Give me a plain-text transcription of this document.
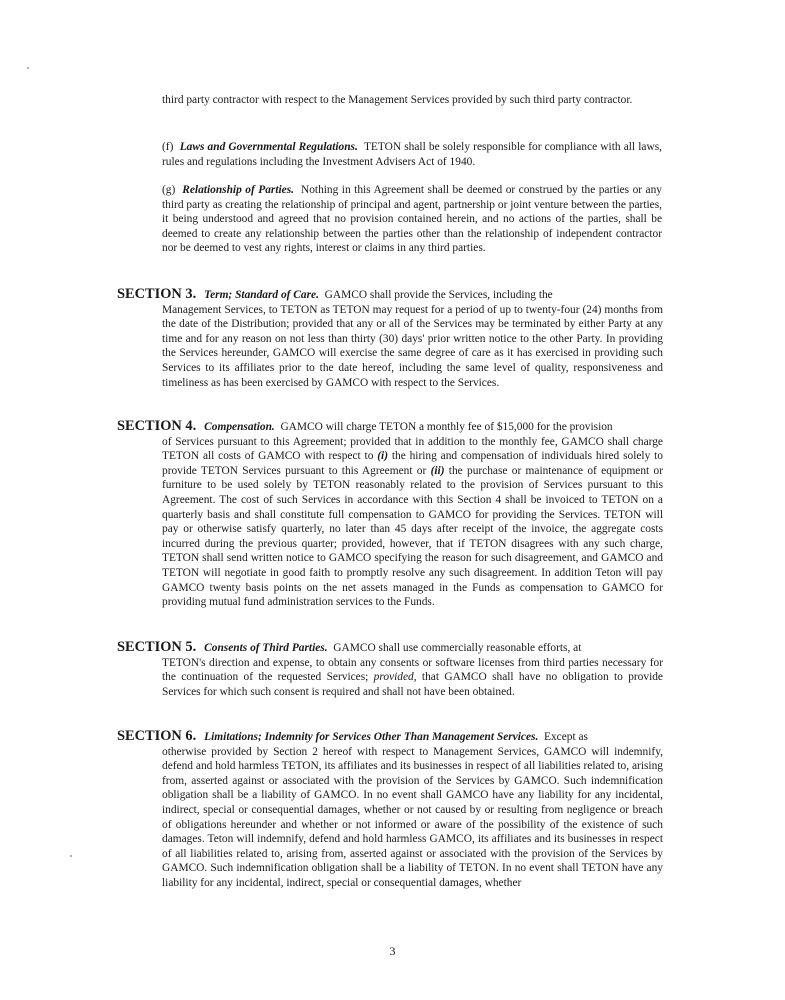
third party contractor with respect to the Management Services provided by such third party contractor.
(f) Laws and Governmental Regulations. TETON shall be solely responsible for compliance with all laws, rules and regulations including the Investment Advisers Act of 1940.
(g) Relationship of Parties. Nothing in this Agreement shall be deemed or construed by the parties or any third party as creating the relationship of principal and agent, partnership or joint venture between the parties, it being understood and agreed that no provision contained herein, and no actions of the parties, shall be deemed to create any relationship between the parties other than the relationship of independent contractor nor be deemed to vest any rights, interest or claims in any third parties.
SECTION 3. Term; Standard of Care. GAMCO shall provide the Services, including the
Management Services, to TETON as TETON may request for a period of up to twenty-four (24) months from the date of the Distribution; provided that any or all of the Services may be terminated by either Party at any time and for any reason on not less than thirty (30) days' prior written notice to the other Party. In providing the Services hereunder, GAMCO will exercise the same degree of care as it has exercised in providing such Services to its affiliates prior to the date hereof, including the same level of quality, responsiveness and timeliness as has been exercised by GAMCO with respect to the Services.
SECTION 4. Compensation. GAMCO will charge TETON a monthly fee of $15,000 for the provision
of Services pursuant to this Agreement; provided that in addition to the monthly fee, GAMCO shall charge TETON all costs of GAMCO with respect to (i) the hiring and compensation of individuals hired solely to provide TETON Services pursuant to this Agreement or (ii) the purchase or maintenance of equipment or furniture to be used solely by TETON reasonably related to the provision of Services pursuant to this Agreement. The cost of such Services in accordance with this Section 4 shall be invoiced to TETON on a quarterly basis and shall constitute full compensation to GAMCO for providing the Services. TETON will pay or otherwise satisfy quarterly, no later than 45 days after receipt of the invoice, the aggregate costs incurred during the previous quarter; provided, however, that if TETON disagrees with any such charge, TETON shall send written notice to GAMCO specifying the reason for such disagreement, and GAMCO and TETON will negotiate in good faith to promptly resolve any such disagreement. In addition Teton will pay GAMCO twenty basis points on the net assets managed in the Funds as compensation to GAMCO for providing mutual fund administration services to the Funds.
SECTION 5. Consents of Third Parties. GAMCO shall use commercially reasonable efforts, at
TETON's direction and expense, to obtain any consents or software licenses from third parties necessary for the continuation of the requested Services; provided, that GAMCO shall have no obligation to provide Services for which such consent is required and shall not have been obtained.
SECTION 6. Limitations; Indemnity for Services Other Than Management Services. Except as
otherwise provided by Section 2 hereof with respect to Management Services, GAMCO will indemnify, defend and hold harmless TETON, its affiliates and its businesses in respect of all liabilities related to, arising from, asserted against or associated with the provision of the Services by GAMCO. Such indemnification obligation shall be a liability of GAMCO. In no event shall GAMCO have any liability for any incidental, indirect, special or consequential damages, whether or not caused by or resulting from negligence or breach of obligations hereunder and whether or not informed or aware of the possibility of the existence of such damages. Teton will indemnify, defend and hold harmless GAMCO, its affiliates and its businesses in respect of all liabilities related to, arising from, asserted against or associated with the provision of the Services by GAMCO. Such indemnification obligation shall be a liability of TETON. In no event shall TETON have any liability for any incidental, indirect, special or consequential damages, whether
3
